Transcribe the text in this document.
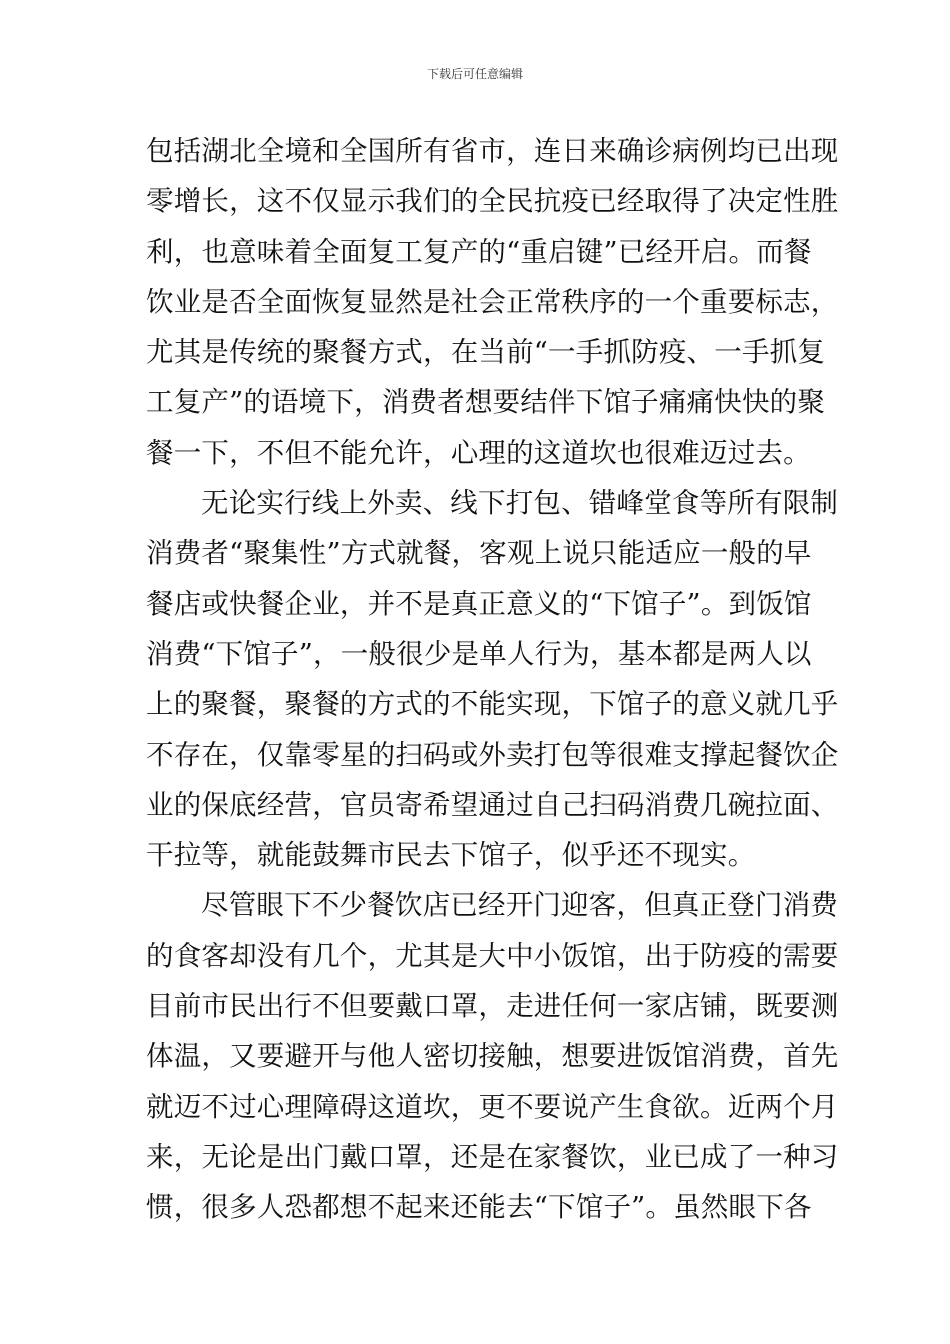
下载后可任意编辑
包括湖北全境和全国所有省市，连日来确诊病例均已出现
零增长，这不仅显示我们的全民抗疫已经取得了决定性胜
利，也意味着全面复工复产的“重启键”已经开启。而餐
饮业是否全面恢复显然是社会正常秩序的一个重要标志，
尤其是传统的聚餐方式，在当前“一手抓防疫、一手抓复
工复产”的语境下，消费者想要结伴下馆子痛痛快快的聚
餐一下，不但不能允许，心理的这道坎也很难迈过去。
无论实行线上外卖、线下打包、错峰堂食等所有限制
消费者“聚集性”方式就餐，客观上说只能适应一般的早
餐店或快餐企业，并不是真正意义的“下馆子”。到饭馆
消费“下馆子”，一般很少是单人行为，基本都是两人以
上的聚餐，聚餐的方式的不能实现，下馆子的意义就几乎
不存在，仅靠零星的扫码或外卖打包等很难支撑起餐饮企
业的保底经营，官员寄希望通过自己扫码消费几碗拉面、
干拉等，就能鼓舞市民去下馆子，似乎还不现实。
尽管眼下不少餐饮店已经开门迎客，但真正登门消费
的食客却没有几个，尤其是大中小饭馆，出于防疫的需要
目前市民出行不但要戴口罩，走进任何一家店铺，既要测
体温，又要避开与他人密切接触，想要进饭馆消费，首先
就迈不过心理障碍这道坎，更不要说产生食欲。近两个月
来，无论是出门戴口罩，还是在家餐饮，业已成了一种习
惯，很多人恐都想不起来还能去“下馆子”。虽然眼下各
